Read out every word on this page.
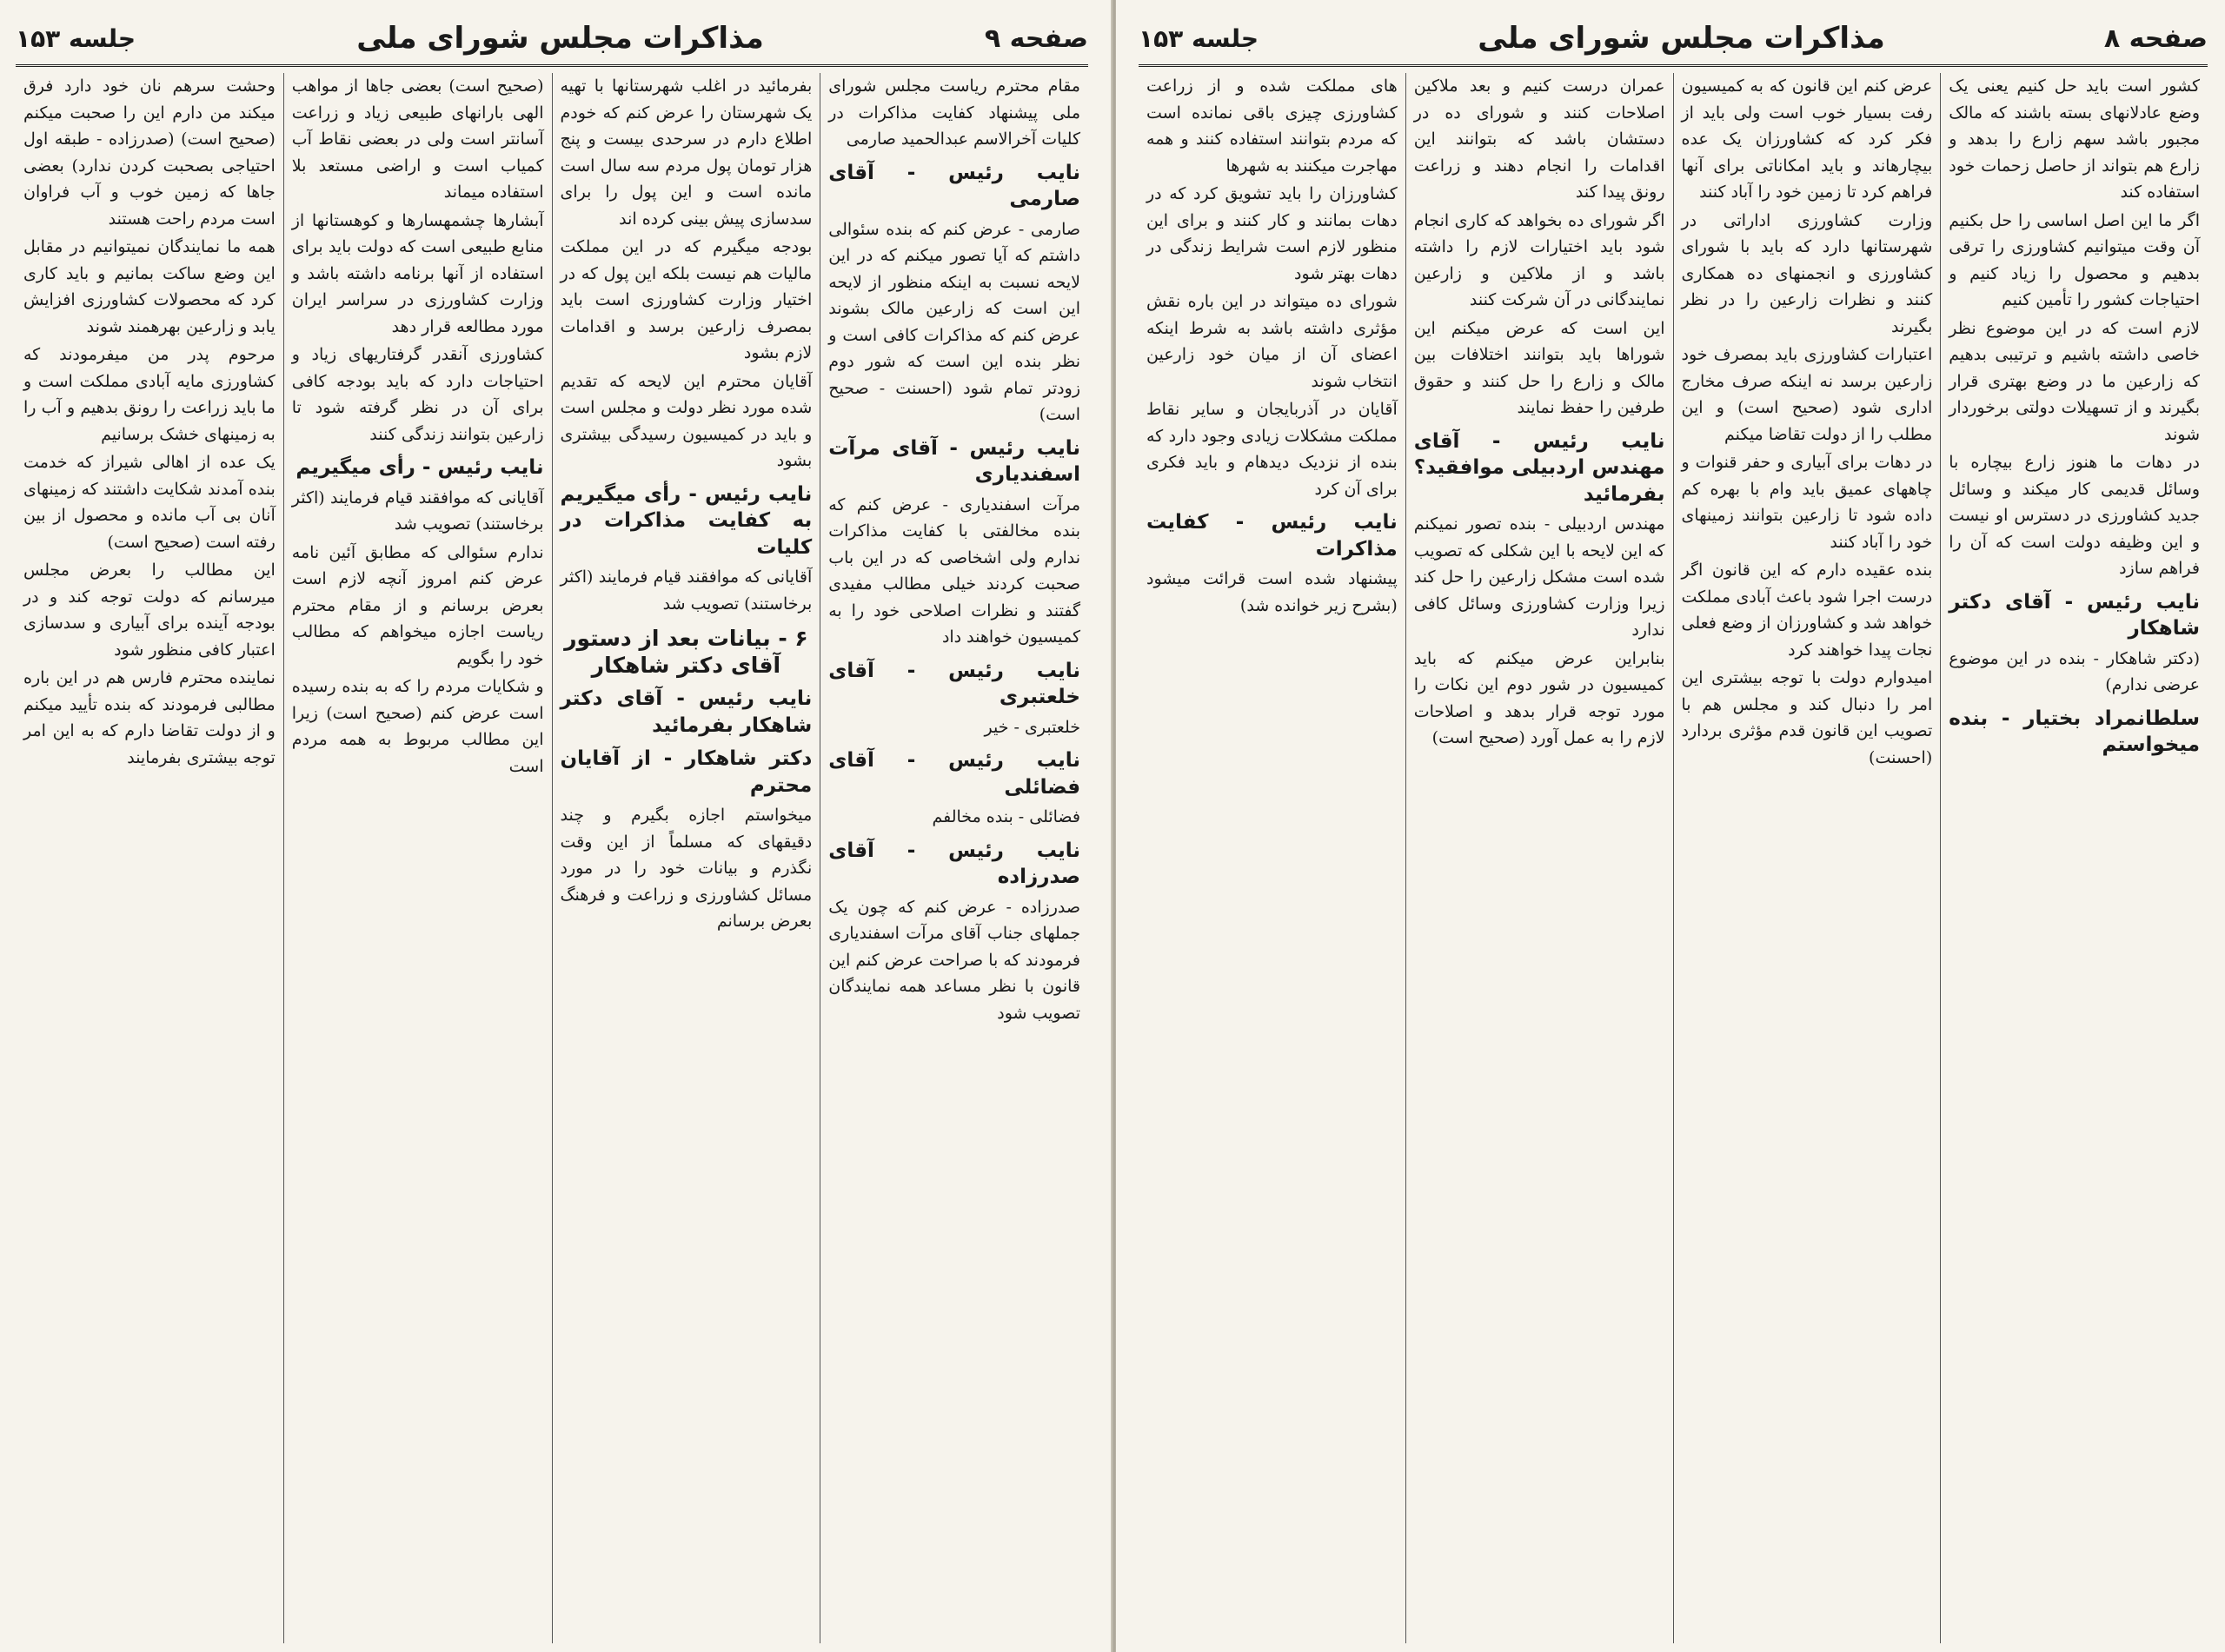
صفحه ۹
مذاکرات مجلس شورای ملی
جلسه ۱۵۳

مقام محترم ریاست مجلس شورای ملی پیشنهاد کفایت مذاکرات در کلیات آخرالاسم عبدالحمید صارمی

نایب رئیس - آقای صارمی

صارمی - عرض کنم که بنده سئوالی داشتم که آیا تصور میکنم که در این لایحه نسبت به اینکه منظور از لایحه این است که زارعین مالک بشوند عرض کنم که مذاکرات کافی است و نظر بنده این است که شور دوم زودتر تمام شود (احسنت - صحیح است)

نایب رئیس - آقای مرآت اسفندیاری

مرآت اسفندیاری - عرض کنم که بنده مخالفتی با کفایت مذاکرات ندارم ولی اشخاصی که در این باب صحبت کردند خیلی مطالب مفیدی گفتند و نظرات اصلاحی خود را به کمیسیون خواهند داد

نایب رئیس - آقای خلعتبری

خلعتبری - خیر

نایب رئیس - آقای فضائلی

فضائلی - بنده مخالفم

نایب رئیس - آقای صدرزاده

صدرزاده - عرض کنم که چون یک جملهای جناب آقای مرآت اسفندیاری فرمودند که با صراحت عرض کنم این قانون با نظر مساعد همه نمایندگان تصویب شود

بفرمائید در اغلب شهرستانها با تهیه یک شهرستان را عرض کنم که خودم اطلاع دارم در سرحدی بیست و پنج هزار تومان پول مردم سه سال است مانده است و این پول را برای سدسازی پیش بینی کرده اند

بودجه میگیرم که در این مملکت مالیات هم نیست بلکه این پول که در اختیار وزارت کشاورزی است باید بمصرف زارعین برسد و اقدامات لازم بشود

آقایان محترم این لایحه که تقدیم شده مورد نظر دولت و مجلس است و باید در کمیسیون رسیدگی بیشتری بشود

نایب رئیس - رأی میگیریم به کفایت مذاکرات در کلیات

آقایانی که موافقند قیام فرمایند (اکثر برخاستند) تصویب شد

۶ - بیانات بعد از دستور آقای دکتر شاهکار
نایب رئیس - آقای دکتر شاهکار بفرمائید
دکتر شاهکار - از آقایان محترم

میخواستم اجازه بگیرم و چند دقیقهای که مسلماً از این وقت نگذرم و بیانات خود را در مورد مسائل کشاورزی و زراعت و فرهنگ بعرض برسانم

(صحیح است) بعضی جاها از مواهب الهی بارانهای طبیعی زیاد و زراعت آسانتر است ولی در بعضی نقاط آب کمیاب است و اراضی مستعد بلا استفاده میماند

آبشارها چشمهسارها و کوهستانها از منابع طبیعی است که دولت باید برای استفاده از آنها برنامه داشته باشد و وزارت کشاورزی در سراسر ایران مورد مطالعه قرار دهد

کشاورزی آنقدر گرفتاریهای زیاد و احتیاجات دارد که باید بودجه کافی برای آن در نظر گرفته شود تا زارعین بتوانند زندگی کنند

نایب رئیس - رأی میگیریم

آقایانی که موافقند قیام فرمایند (اکثر برخاستند) تصویب شد

ندارم سئوالی که مطابق آئین نامه عرض کنم امروز آنچه لازم است بعرض برسانم و از مقام محترم ریاست اجازه میخواهم که مطالب خود را بگویم

و شکایات مردم را که به بنده رسیده است عرض کنم (صحیح است) زیرا این مطالب مربوط به همه مردم است

وحشت سرهم نان خود دارد فرق میکند من دارم این را صحبت میکنم (صحیح است) (صدرزاده - طبقه اول احتیاجی بصحبت کردن ندارد) بعضی جاها که زمین خوب و آب فراوان است مردم راحت هستند

همه ما نمایندگان نمیتوانیم در مقابل این وضع ساکت بمانیم و باید کاری کرد که محصولات کشاورزی افزایش یابد و زارعین بهرهمند شوند

مرحوم پدر من میفرمودند که کشاورزی مایه آبادی مملکت است و ما باید زراعت را رونق بدهیم و آب را به زمینهای خشک برسانیم

یک عده از اهالی شیراز که خدمت بنده آمدند شکایت داشتند که زمینهای آنان بی آب مانده و محصول از بین رفته است (صحیح است)

این مطالب را بعرض مجلس میرسانم که دولت توجه کند و در بودجه آینده برای آبیاری و سدسازی اعتبار کافی منظور شود

نماینده محترم فارس هم در این باره مطالبی فرمودند که بنده تأیید میکنم و از دولت تقاضا دارم که به این امر توجه بیشتری بفرمایند

صفحه ۸
مذاکرات مجلس شورای ملی
جلسه ۱۵۳

کشور است باید حل کنیم یعنی یک وضع عادلانهای بسته باشند که مالک مجبور باشد سهم زارع را بدهد و زارع هم بتواند از حاصل زحمات خود استفاده کند

اگر ما این اصل اساسی را حل بکنیم آن وقت میتوانیم کشاورزی را ترقی بدهیم و محصول را زیاد کنیم و احتیاجات کشور را تأمین کنیم

لازم است که در این موضوع نظر خاصی داشته باشیم و ترتیبی بدهیم که زارعین ما در وضع بهتری قرار بگیرند و از تسهیلات دولتی برخوردار شوند

در دهات ما هنوز زارع بیچاره با وسائل قدیمی کار میکند و وسائل جدید کشاورزی در دسترس او نیست و این وظیفه دولت است که آن را فراهم سازد

نایب رئیس - آقای دکتر شاهکار

(دکتر شاهکار - بنده در این موضوع عرضی ندارم)

سلطانمراد بختیار - بنده میخواستم

عرض کنم این قانون که به کمیسیون رفت بسیار خوب است ولی باید از فکر کرد که کشاورزان یک عده بیچارهاند و باید امکاناتی برای آنها فراهم کرد تا زمین خود را آباد کنند

وزارت کشاورزی اداراتی در شهرستانها دارد که باید با شورای کشاورزی و انجمنهای ده همکاری کنند و نظرات زارعین را در نظر بگیرند

اعتبارات کشاورزی باید بمصرف خود زارعین برسد نه اینکه صرف مخارج اداری شود (صحیح است) و این مطلب را از دولت تقاضا میکنم

در دهات برای آبیاری و حفر قنوات و چاههای عمیق باید وام با بهره کم داده شود تا زارعین بتوانند زمینهای خود را آباد کنند

بنده عقیده دارم که این قانون اگر درست اجرا شود باعث آبادی مملکت خواهد شد و کشاورزان از وضع فعلی نجات پیدا خواهند کرد

امیدوارم دولت با توجه بیشتری این امر را دنبال کند و مجلس هم با تصویب این قانون قدم مؤثری بردارد (احسنت)

عمران درست کنیم و بعد ملاکین اصلاحات کنند و شورای ده در دستشان باشد که بتوانند این اقدامات را انجام دهند و زراعت رونق پیدا کند

اگر شورای ده بخواهد که کاری انجام شود باید اختیارات لازم را داشته باشد و از ملاکین و زارعین نمایندگانی در آن شرکت کنند

این است که عرض میکنم این شوراها باید بتوانند اختلافات بین مالک و زارع را حل کنند و حقوق طرفین را حفظ نمایند

نایب رئیس - آقای مهندس اردبیلی موافقید؟ بفرمائید

مهندس اردبیلی - بنده تصور نمیکنم که این لایحه با این شکلی که تصویب شده است مشکل زارعین را حل کند زیرا وزارت کشاورزی وسائل کافی ندارد

بنابراین عرض میکنم که باید کمیسیون در شور دوم این نکات را مورد توجه قرار بدهد و اصلاحات لازم را به عمل آورد (صحیح است)

های مملکت شده و از زراعت کشاورزی چیزی باقی نمانده است که مردم بتوانند استفاده کنند و همه مهاجرت میکنند به شهرها

کشاورزان را باید تشویق کرد که در دهات بمانند و کار کنند و برای این منظور لازم است شرایط زندگی در دهات بهتر شود

شورای ده میتواند در این باره نقش مؤثری داشته باشد به شرط اینکه اعضای آن از میان خود زارعین انتخاب شوند

آقایان در آذربایجان و سایر نقاط مملکت مشکلات زیادی وجود دارد که بنده از نزدیک دیدهام و باید فکری برای آن کرد

نایب رئیس - کفایت مذاکرات

پیشنهاد شده است قرائت میشود (بشرح زیر خوانده شد)
